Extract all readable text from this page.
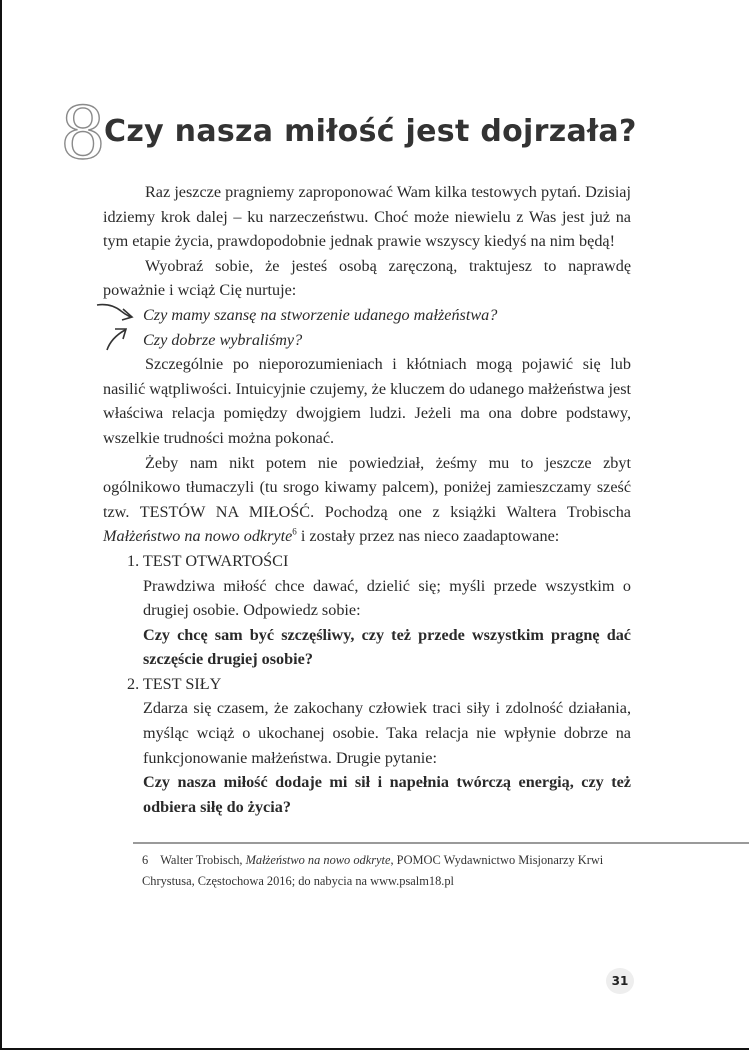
8
Czy nasza miłość jest dojrzała?

Raz jeszcze pragniemy zaproponować Wam kilka testowych pytań. Dzisiaj idziemy krok dalej – ku narzeczeństwu. Choć może niewielu z Was jest już na tym etapie życia, prawdopodobnie jednak prawie wszyscy kiedyś na nim będą!

Wyobraź sobie, że jesteś osobą zaręczoną, traktujesz to naprawdę poważnie i wciąż Cię nurtuje:

Czy mamy szansę na stworzenie udanego małżeństwa?

Czy dobrze wybraliśmy?

Szczególnie po nieporozumieniach i kłótniach mogą pojawić się lub nasilić wątpliwości. Intuicyjnie czujemy, że kluczem do udanego małżeństwa jest właściwa relacja pomiędzy dwojgiem ludzi. Jeżeli ma ona dobre podstawy, wszelkie trudności można pokonać.

Żeby nam nikt potem nie powiedział, żeśmy mu to jeszcze zbyt ogólnikowo tłumaczyli (tu srogo kiwamy palcem), poniżej zamieszczamy sześć tzw. TESTÓW NA MIŁOŚĆ. Pochodzą one z książki Waltera Trobischa Małżeństwo na nowo odkryte$^6$ i zostały przez nas nieco zaadaptowane:

1. TEST OTWARTOŚCI

Prawdziwa miłość chce dawać, dzielić się; myśli przede wszystkim o drugiej osobie. Odpowiedz sobie:

Czy chcę sam być szczęśliwy, czy też przede wszystkim pragnę dać szczęście drugiej osobie?

2. TEST SIŁY

Zdarza się czasem, że zakochany człowiek traci siły i zdolność działania, myśląc wciąż o ukochanej osobie. Taka relacja nie wpłynie dobrze na funkcjonowanie małżeństwa. Drugie pytanie:

Czy nasza miłość dodaje mi sił i napełnia twórczą energią, czy też odbiera siłę do życia?

6 Walter Trobisch, Małżeństwo na nowo odkryte, POMOC Wydawnictwo Misjonarzy Krwi Chrystusa, Częstochowa 2016; do nabycia na www.psalm18.pl
31
